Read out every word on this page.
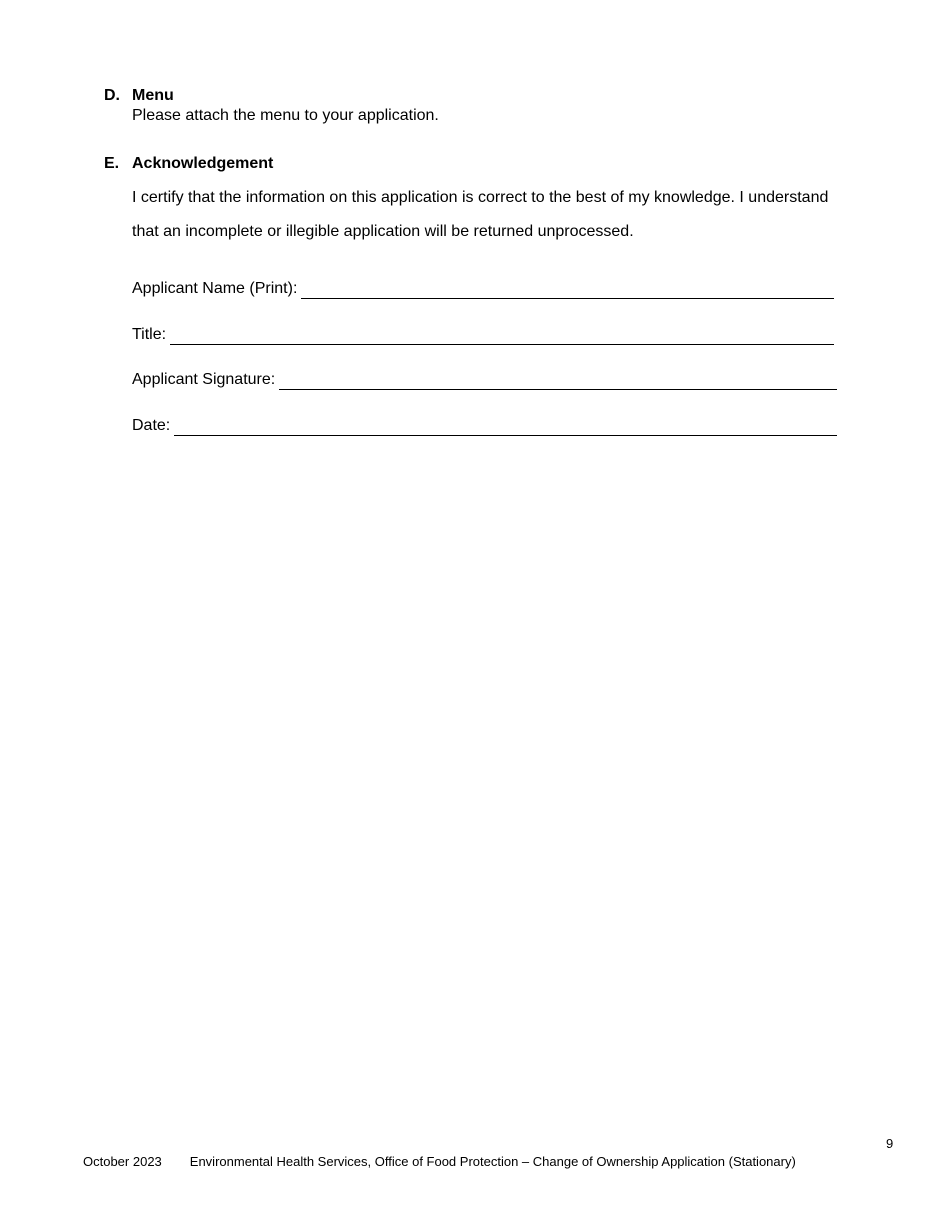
D. Menu
Please attach the menu to your application.
E. Acknowledgement
I certify that the information on this application is correct to the best of my knowledge. I understand that an incomplete or illegible application will be returned unprocessed.
Applicant Name (Print):
Title:
Applicant Signature:
Date:
9
October 2023 Environmental Health Services, Office of Food Protection – Change of Ownership Application (Stationary)
